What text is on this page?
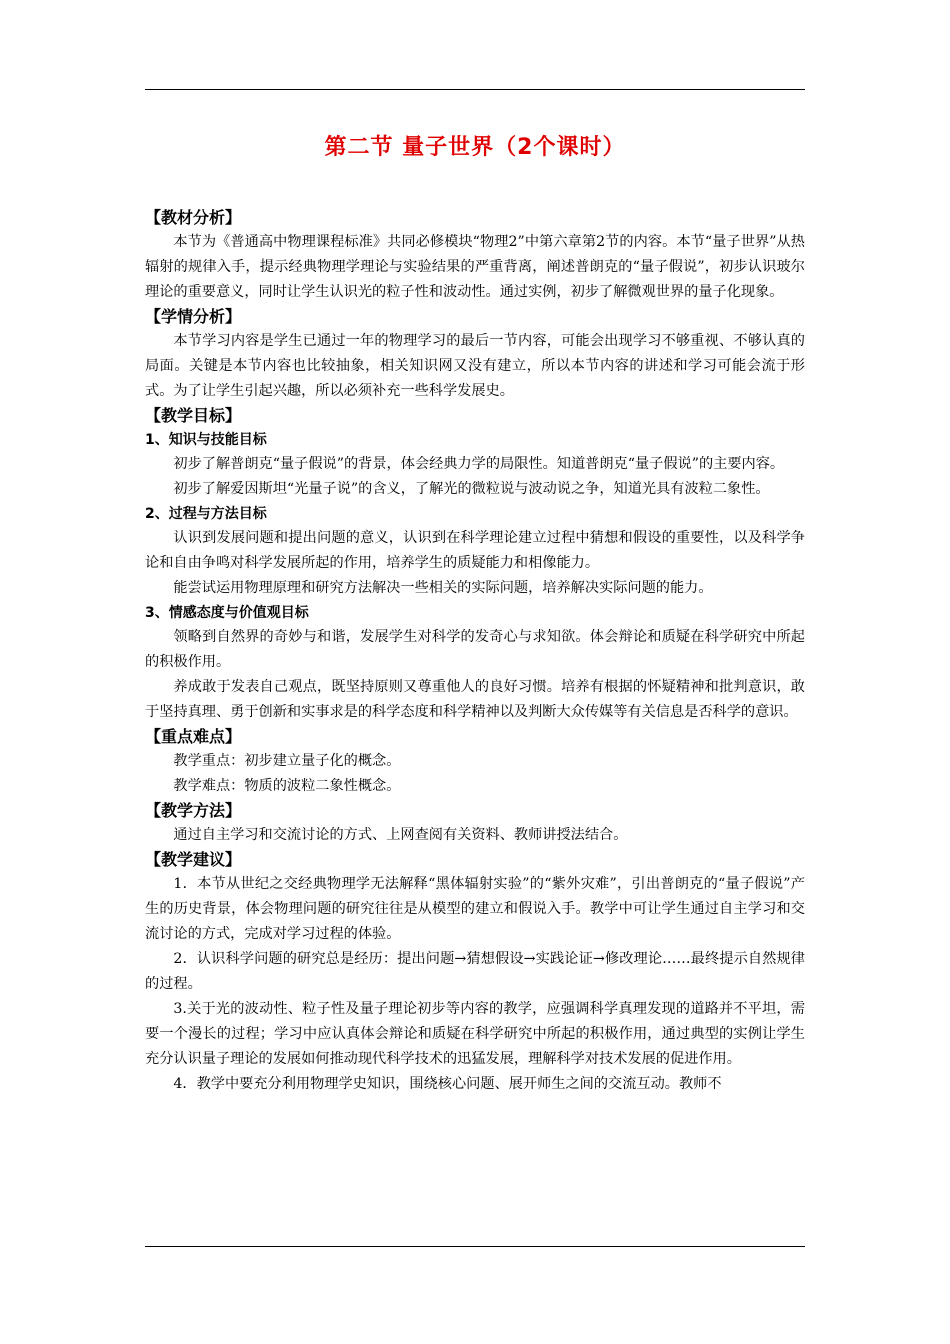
第二节 量子世界（2个课时）
【教材分析】

本节为《普通高中物理课程标准》共同必修模块“物理2”中第六章第2节的内容。本节“量子世界”从热辐射的规律入手，提示经典物理学理论与实验结果的严重背离，阐述普朗克的“量子假说”，初步认识玻尔理论的重要意义，同时让学生认识光的粒子性和波动性。通过实例，初步了解微观世界的量子化现象。

【学情分析】

本节学习内容是学生已通过一年的物理学习的最后一节内容，可能会出现学习不够重视、不够认真的局面。关键是本节内容也比较抽象，相关知识网又没有建立，所以本节内容的讲述和学习可能会流于形式。为了让学生引起兴趣，所以必须补充一些科学发展史。

【教学目标】
1、知识与技能目标

初步了解普朗克“量子假说”的背景，体会经典力学的局限性。知道普朗克“量子假说”的主要内容。

初步了解爱因斯坦“光量子说”的含义，了解光的微粒说与波动说之争，知道光具有波粒二象性。

2、过程与方法目标

认识到发展问题和提出问题的意义，认识到在科学理论建立过程中猜想和假设的重要性，以及科学争论和自由争鸣对科学发展所起的作用，培养学生的质疑能力和相像能力。

能尝试运用物理原理和研究方法解决一些相关的实际问题，培养解决实际问题的能力。

3、情感态度与价值观目标

领略到自然界的奇妙与和谐，发展学生对科学的发奇心与求知欲。体会辩论和质疑在科学研究中所起的积极作用。

养成敢于发表自己观点，既坚持原则又尊重他人的良好习惯。培养有根据的怀疑精神和批判意识，敢于坚持真理、勇于创新和实事求是的科学态度和科学精神以及判断大众传媒等有关信息是否科学的意识。

【重点难点】

教学重点：初步建立量子化的概念。

教学难点：物质的波粒二象性概念。

【教学方法】

通过自主学习和交流讨论的方式、上网查阅有关资料、教师讲授法结合。

【教学建议】

1．本节从世纪之交经典物理学无法解释“黑体辐射实验”的“紫外灾难”，引出普朗克的“量子假说”产生的历史背景，体会物理问题的研究往往是从模型的建立和假说入手。教学中可让学生通过自主学习和交流讨论的方式，完成对学习过程的体验。

2．认识科学问题的研究总是经历：提出问题→猜想假设→实践论证→修改理论……最终提示自然规律的过程。

3.关于光的波动性、粒子性及量子理论初步等内容的教学，应强调科学真理发现的道路并不平坦，需要一个漫长的过程；学习中应认真体会辩论和质疑在科学研究中所起的积极作用，通过典型的实例让学生充分认识量子理论的发展如何推动现代科学技术的迅猛发展，理解科学对技术发展的促进作用。

4．教学中要充分利用物理学史知识，围绕核心问题、展开师生之间的交流互动。教师不
